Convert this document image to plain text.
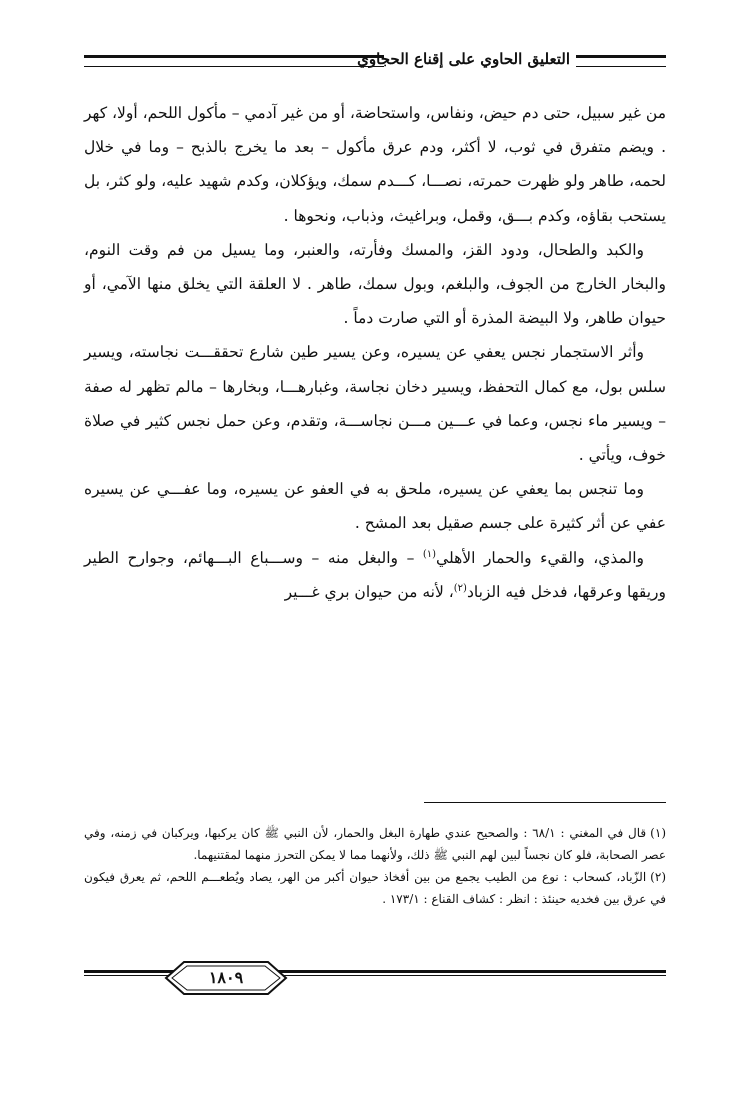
التعليق الحاوي على إقناع الحجاوي

من غير سبيل، حتى دم حيض، ونفاس، واستحاضة، أو من غير آدمي – مأكول اللحم، أولا، كهر . ويضم متفرق في ثوب، لا أكثر، ودم عرق مأكول – بعد ما يخرج بالذبح – وما في خلال لحمه، طاهر ولو ظهرت حمرته، نصـــا، كـــدم سمك، ويؤكلان، وكدم شهيد عليه، ولو كثر، بل يستحب بقاؤه، وكدم بـــق، وقمل، وبراغيث، وذباب، ونحوها .

والكبد والطحال، ودود القز، والمسك وفأرته، والعنبر، وما يسيل من فم وقت النوم، والبخار الخارج من الجوف، والبلغم، وبول سمك، طاهر . لا العلقة التي يخلق منها الآمي، أو حيوان طاهر، ولا البيضة المذرة أو التي صارت دماً .

وأثر الاستجمار نجس يعفي عن يسيره، وعن يسير طين شارع تحققـــت نجاسته، ويسير سلس بول، مع كمال التحفظ، ويسير دخان نجاسة، وغبارهـــا، وبخارها – مالم تظهر له صفة – ويسير ماء نجس، وعما في عـــين مـــن نجاســـة، وتقدم، وعن حمل نجس كثير في صلاة خوف، ويأتي .

وما تنجس بما يعفي عن يسيره، ملحق به في العفو عن يسيره، وما عفـــي عن يسيره عفي عن أثر كثيرة على جسم صقيل بعد المشح .

والمذي، والقيء والحمار الأهلي$^{(١)}$ – والبغل منه – وســـباع البـــهائم، وجوارح الطير وريقها وعرقها، فدخل فيه الزباد$^{(٢)}$، لأنه من حيوان بري غـــير

(١)قال في المغني : ٦٨/١ : والصحيح عندي طهارة البغل والحمار، لأن النبي ﷺ كان يركبها، ويركبان في زمنه، وفي عصر الصحابة، فلو كان نجساً لبين لهم النبي ﷺ ذلك، ولأنهما مما لا يمكن التحرز منهما لمقتنيهما.

(٢)الزّباد، كسحاب : نوع من الطيب يجمع من بين أفخاذ حيوان أكبر من الهر، يصاد ويُطعـــم اللحم، ثم يعرق فيكون في عرق بين فخديه حينئذ : انظر : كشاف القناع : ١٧٣/١ .

١٨٠٩
